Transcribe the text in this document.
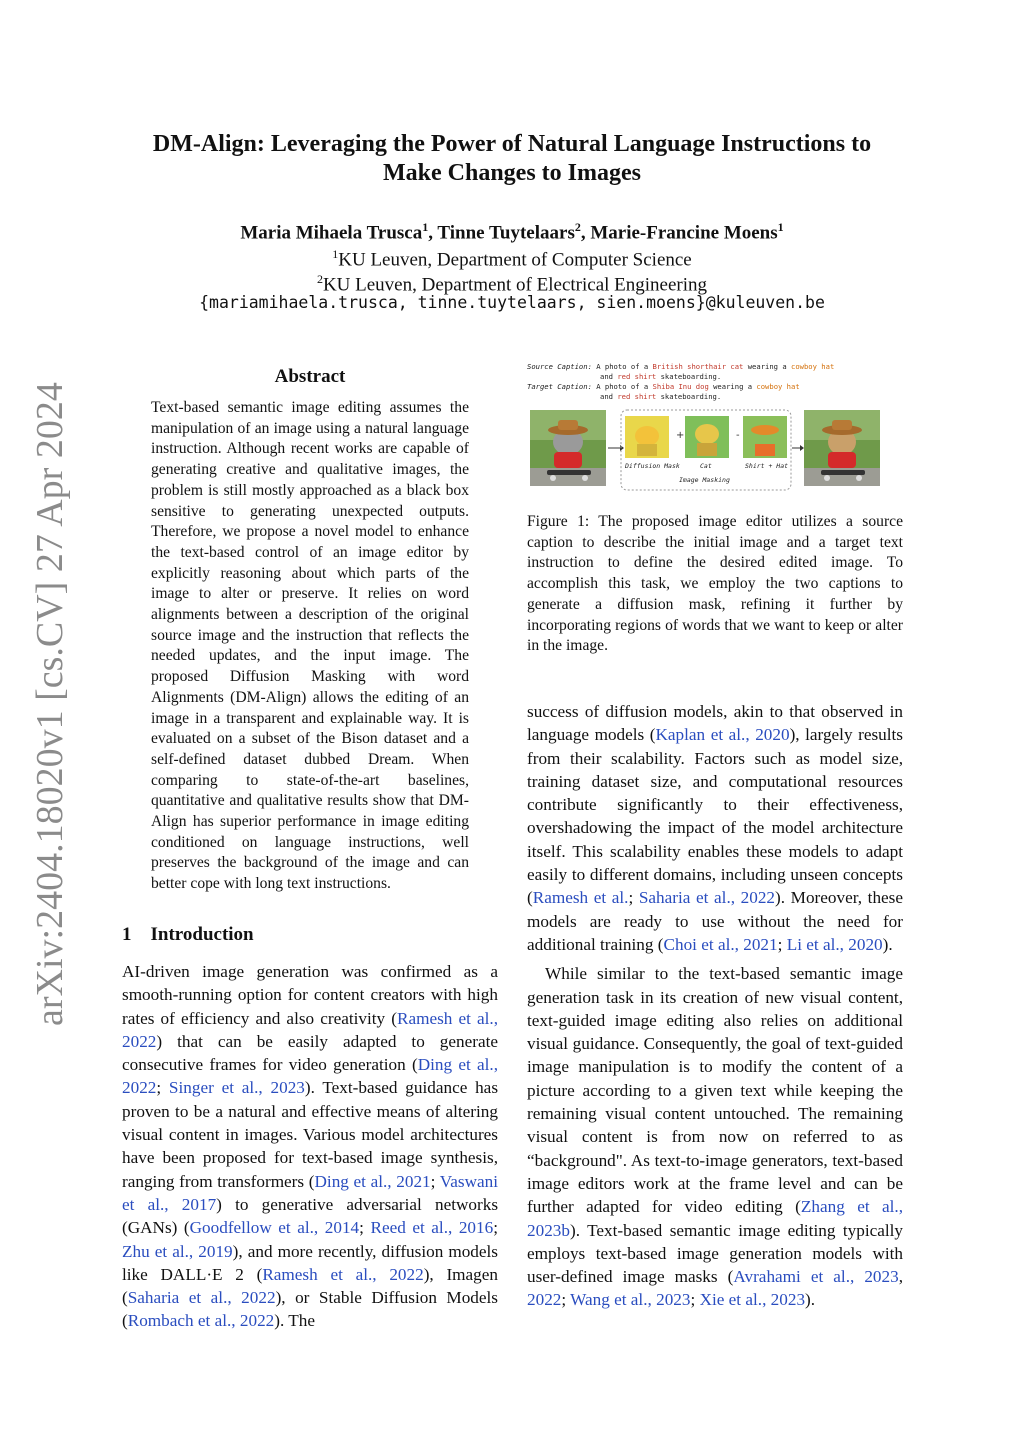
arXiv:2404.18020v1 [cs.CV] 27 Apr 2024
DM-Align: Leveraging the Power of Natural Language Instructions to
Make Changes to Images
Maria Mihaela Trusca$^1$, Tinne Tuytelaars$^2$, Marie-Francine Moens$^1$
$^1$KU Leuven, Department of Computer Science
$^2$KU Leuven, Department of Electrical Engineering
{mariamihaela.trusca, tinne.tuytelaars, sien.moens}@kuleuven.be
Abstract
Text-based semantic image editing assumes the manipulation of an image using a natural language instruction. Although recent works are capable of generating creative and qualitative images, the problem is still mostly approached as a black box sensitive to generating unexpected outputs. Therefore, we propose a novel model to enhance the text-based control of an image editor by explicitly reasoning about which parts of the image to alter or preserve. It relies on word alignments between a description of the original source image and the instruction that reflects the needed updates, and the input image. The proposed Diffusion Masking with word Alignments (DM-Align) allows the editing of an image in a transparent and explainable way. It is evaluated on a subset of the Bison dataset and a self-defined dataset dubbed Dream. When comparing to state-of-the-art baselines, quantitative and qualitative results show that DM-Align has superior performance in image editing conditioned on language instructions, well preserves the background of the image and can better cope with long text instructions.
1 Introduction

AI-driven image generation was confirmed as a smooth-running option for content creators with high rates of efficiency and also creativity (Ramesh et al., 2022) that can be easily adapted to generate consecutive frames for video generation (Ding et al., 2022; Singer et al., 2023). Text-based guidance has proven to be a natural and effective means of altering visual content in images. Various model architectures have been proposed for text-based image synthesis, ranging from transformers (Ding et al., 2021; Vaswani et al., 2017) to generative adversarial networks (GANs) (Goodfellow et al., 2014; Reed et al., 2016; Zhu et al., 2019), and more recently, diffusion models like DALL·E 2 (Ramesh et al., 2022), Imagen (Saharia et al., 2022), or Stable Diffusion Models (Rombach et al., 2022). The

Source Caption: A photo of a British shorthair cat wearing a cowboy hat
and red shirt skateboarding.
Target Caption: A photo of a Shiba Inu dog wearing a cowboy hat
and red shirt skateboarding.
+	-
Diffusion Mask	Cat	Shirt + Hat
Image Masking
Figure 1: The proposed image editor utilizes a source caption to describe the initial image and a target text instruction to define the desired edited image. To accomplish this task, we employ the two captions to generate a diffusion mask, refining it further by incorporating regions of words that we want to keep or alter in the image.

success of diffusion models, akin to that observed in language models (Kaplan et al., 2020), largely results from their scalability. Factors such as model size, training dataset size, and computational resources contribute significantly to their effectiveness, overshadowing the impact of the model architecture itself. This scalability enables these models to adapt easily to different domains, including unseen concepts (Ramesh et al.; Saharia et al., 2022). Moreover, these models are ready to use without the need for additional training (Choi et al., 2021; Li et al., 2020).

While similar to the text-based semantic image generation task in its creation of new visual content, text-guided image editing also relies on additional visual guidance. Consequently, the goal of text-guided image manipulation is to modify the content of a picture according to a given text while keeping the remaining visual content untouched. The remaining visual content is from now on referred to as “background". As text-to-image generators, text-based image editors work at the frame level and can be further adapted for video editing (Zhang et al., 2023b). Text-based semantic image editing typically employs text-based image generation models with user-defined image masks (Avrahami et al., 2023, 2022; Wang et al., 2023; Xie et al., 2023).
